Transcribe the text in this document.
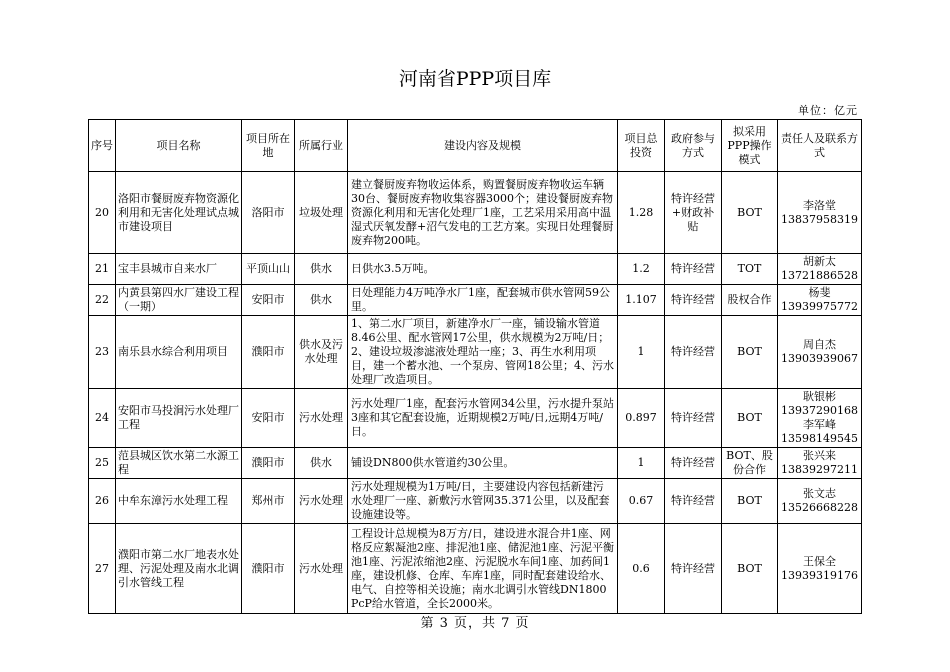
河南省PPP项目库
单位：亿元
序号	项目名称	项目所在地	所属行业	建设内容及规模	项目总投资	政府参与方式	拟采用PPP操作模式	责任人及联系方式
20	洛阳市餐厨废弃物资源化利用和无害化处理试点城市建设项目	洛阳市	垃圾处理	建立餐厨废弃物收运体系，购置餐厨废弃物收运车辆30台、餐厨废弃物收集容器3000个；建设餐厨废弃物资源化利用和无害化处理厂1座，工艺采用采用高中温湿式厌氧发酵+沼气发电的工艺方案。实现日处理餐厨废弃物200吨。	1.28	特许经营+财政补贴	BOT	李洛堂
13837958319

21	宝丰县城市自来水厂	平顶山山	供水	日供水3.5万吨。	1.2	特许经营	TOT	胡新太
13721886528

22	内黄县第四水厂建设工程（一期）	安阳市	供水	日处理能力4万吨净水厂1座，配套城市供水管网59公里。	1.107	特许经营	股权合作	杨斐
13939975772

23	南乐县水综合利用项目	濮阳市	供水及污水处理	1、第二水厂项目，新建净水厂一座，铺设输水管道8.46公里、配水管网17公里，供水规模为2万吨/日；2、建设垃圾渗滤液处理站一座；3、再生水利用项目，建一个蓄水池、一个泵房、管网18公里；4、污水处理厂改造项目。	1	特许经营	BOT	周自杰
13903939067

24	安阳市马投涧污水处理厂工程	安阳市	污水处理	污水处理厂1座，配套污水管网34公里，污水提升泵站3座和其它配套设施，近期规模2万吨/日,远期4万吨/日。	0.897	特许经营	BOT	耿银彬
13937290168
李军峰
13598149545

25	范县城区饮水第二水源工程	濮阳市	供水	铺设DN800供水管道约30公里。	1	特许经营	BOT、股份合作	张兴来
13839297211

26	中牟东漳污水处理工程	郑州市	污水处理	污水处理规模为1万吨/日，主要建设内容包括新建污水处理厂一座、新敷污水管网35.371公里，以及配套设施建设等。	0.67	特许经营	BOT	张文志
13526668228

27	濮阳市第二水厂地表水处理、污泥处理及南水北调引水管线工程	濮阳市	污水处理	工程设计总规模为8万方/日，建设进水混合井1座、网格反应絮凝池2座、排泥池1座、储泥池1座、污泥平衡池1座、污泥浓缩池2座、污泥脱水车间1座、加药间1座，建设机修、仓库、车库1座，同时配套建设给水、电气、自控等相关设施；南水北调引水管线DN1800 PcP给水管道，全长2000米。	0.6	特许经营	BOT	王保全
13939319176
第 3 页，共 7 页
